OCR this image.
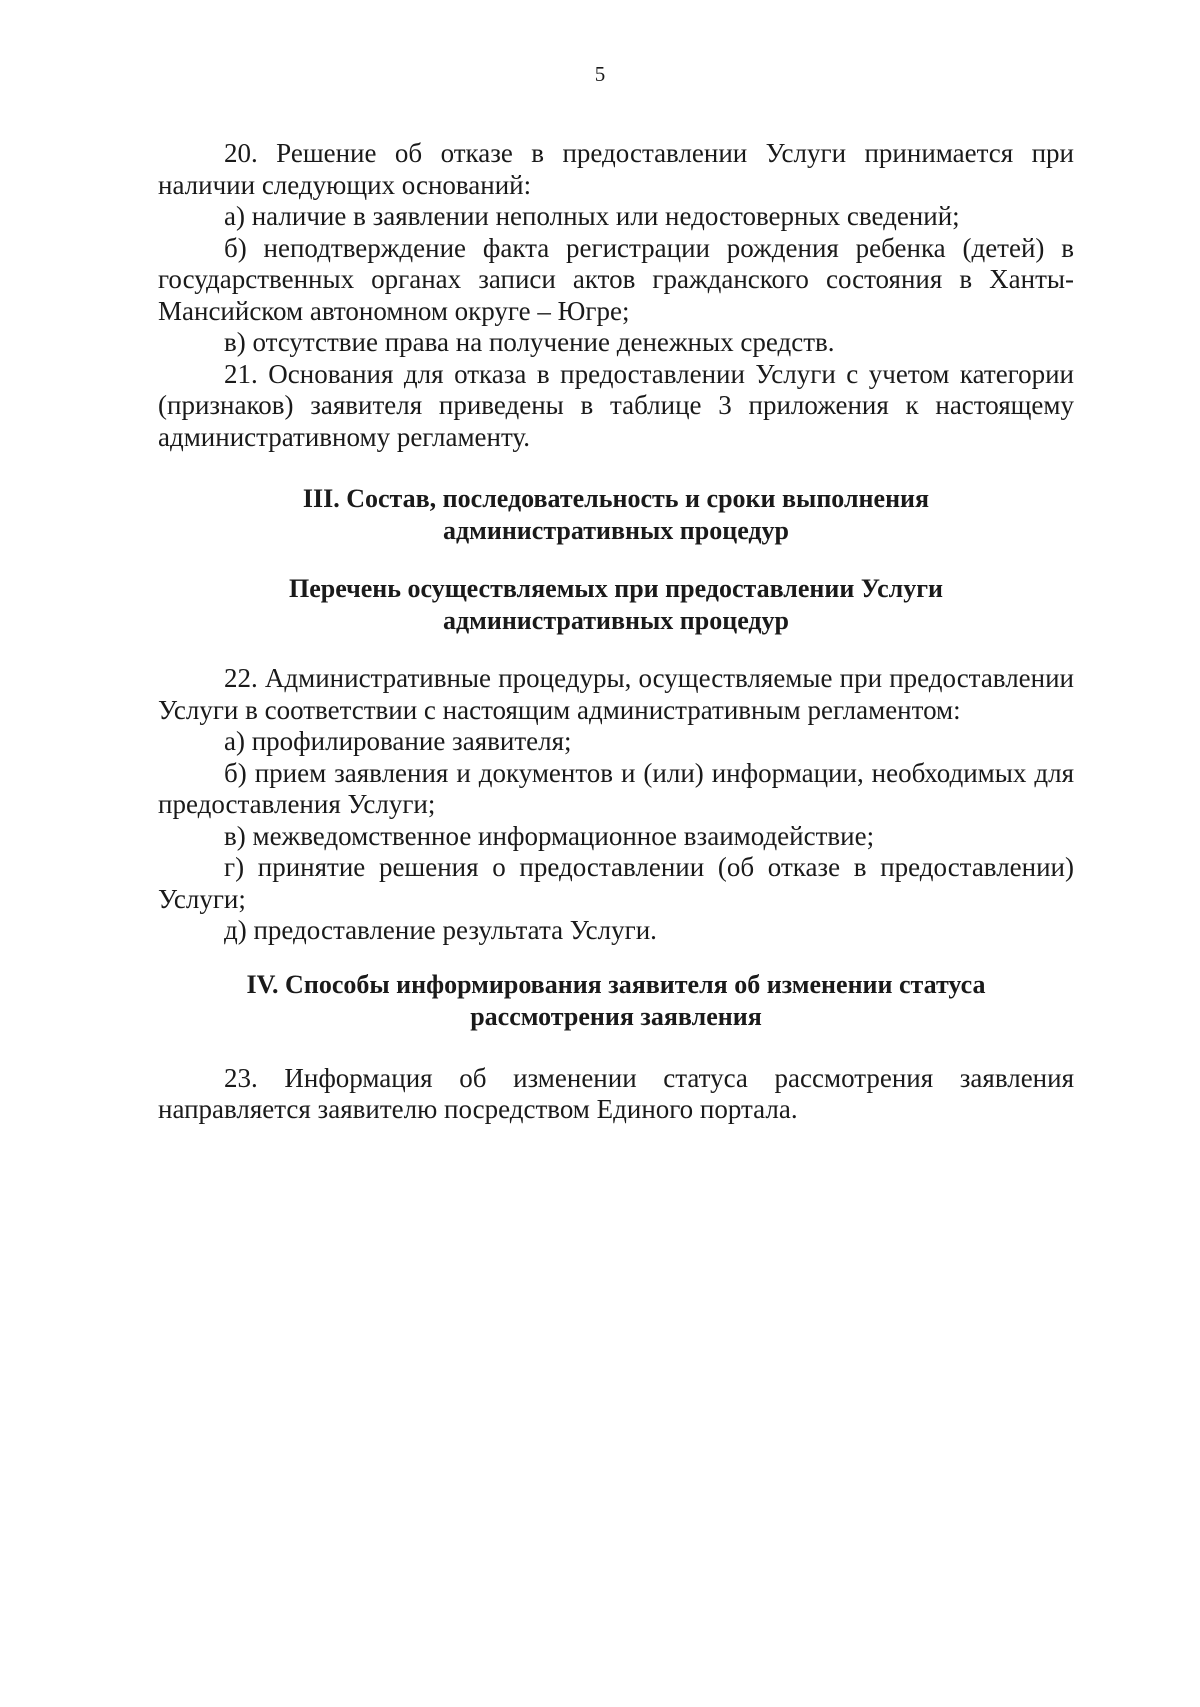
5

20. Решение об отказе в предоставлении Услуги принимается при наличии следующих оснований:

а) наличие в заявлении неполных или недостоверных сведений;

б) неподтверждение факта регистрации рождения ребенка (детей) в государственных органах записи актов гражданского состояния в Ханты-Мансийском автономном округе – Югре;

в) отсутствие права на получение денежных средств.

21. Основания для отказа в предоставлении Услуги с учетом категории (признаков) заявителя приведены в таблице 3 приложения к настоящему административному регламенту.

III. Состав, последовательность и сроки выполнения

административных процедур

Перечень осуществляемых при предоставлении Услуги

административных процедур

22. Административные процедуры, осуществляемые при предоставлении Услуги в соответствии с настоящим административным регламентом:

а) профилирование заявителя;

б) прием заявления и документов и (или) информации, необходимых для предоставления Услуги;

в) межведомственное информационное взаимодействие;

г) принятие решения о предоставлении (об отказе в предоставлении) Услуги;

д) предоставление результата Услуги.

IV. Способы информирования заявителя об изменении статуса

рассмотрения заявления

23. Информация об изменении статуса рассмотрения заявления направляется заявителю посредством Единого портала.
